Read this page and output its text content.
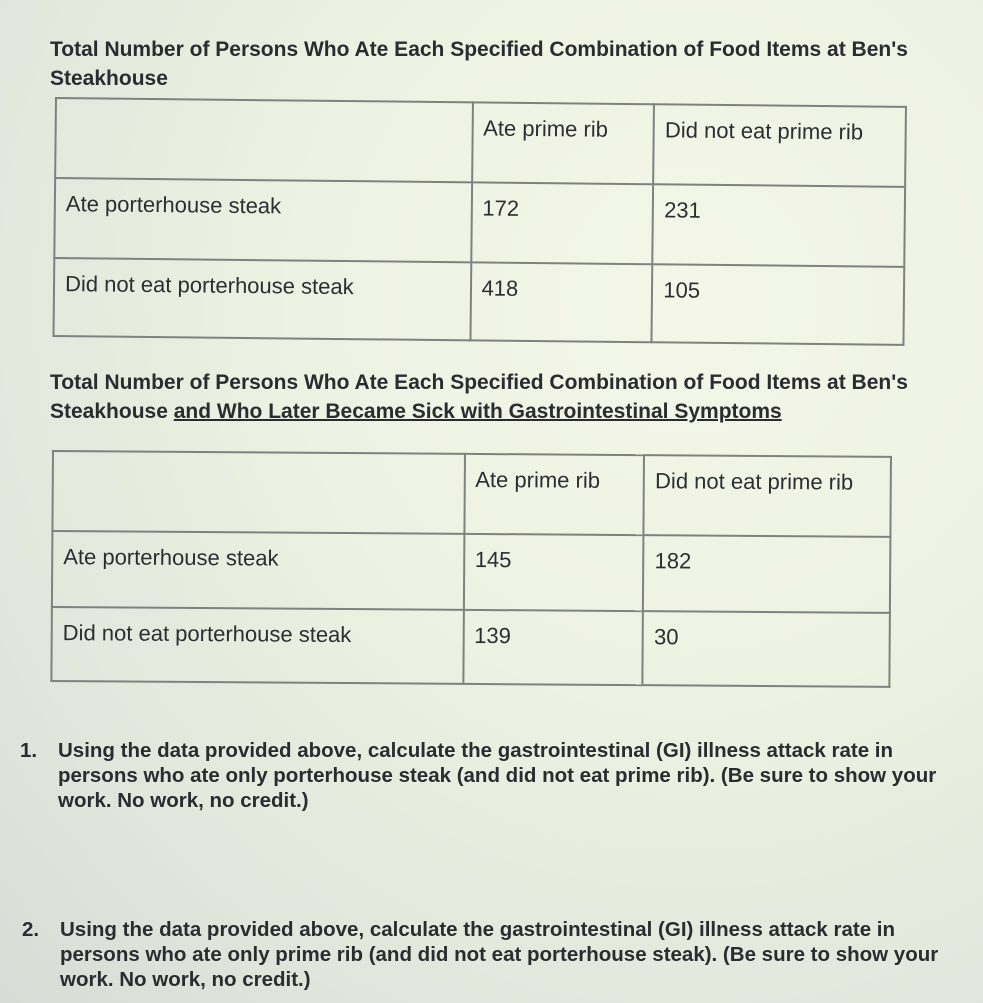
Total Number of Persons Who Ate Each Specified Combination of Food Items at Ben's Steakhouse

	Ate prime rib	Did not eat prime rib

Ate porterhouse steak	172	231

Did not eat porterhouse steak	418	105
Total Number of Persons Who Ate Each Specified Combination of Food Items at Ben's Steakhouse and Who Later Became Sick with Gastrointestinal Symptoms

	Ate prime rib	Did not eat prime rib

Ate porterhouse steak	145	182

Did not eat porterhouse steak	139	30

1. Using the data provided above, calculate the gastrointestinal (GI) illness attack rate in persons who ate only porterhouse steak (and did not eat prime rib). (Be sure to show your work. No work, no credit.)

2. Using the data provided above, calculate the gastrointestinal (GI) illness attack rate in persons who ate only prime rib (and did not eat porterhouse steak). (Be sure to show your work. No work, no credit.)
